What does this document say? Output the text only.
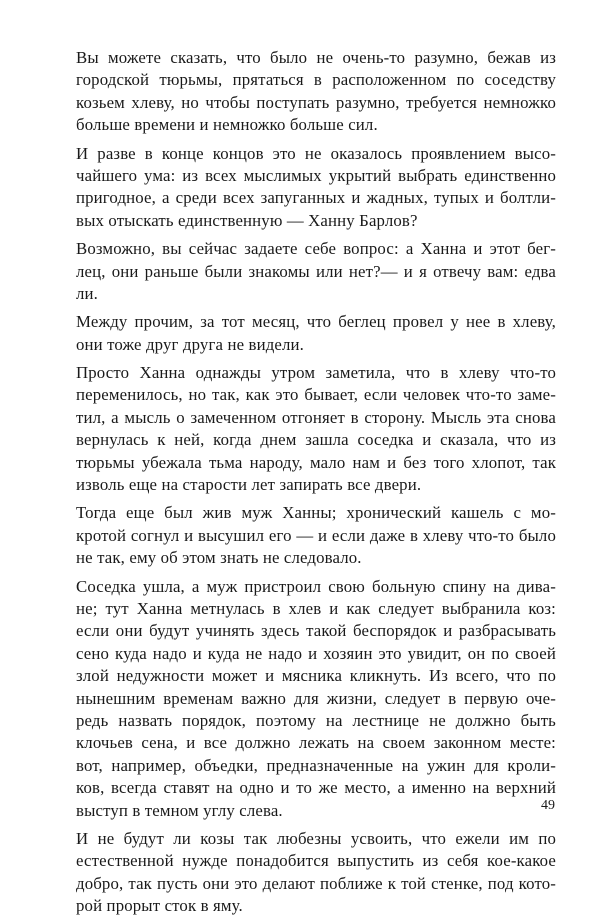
Вы можете сказать, что было не очень-то разумно, бежав из
городской тюрьмы, прятаться в расположенном по соседству
козьем хлеву, но чтобы поступать разумно, требуется немножко
больше времени и немножко больше сил.
И разве в конце концов это не оказалось проявлением высо-
чайшего ума: из всех мыслимых укрытий выбрать единственно
пригодное, а среди всех запуганных и жадных, тупых и болтли-
вых отыскать единственную — Ханну Барлов?
Возможно, вы сейчас задаете себе вопрос: а Ханна и этот бег-
лец, они раньше были знакомы или нет?— и я отвечу вам: едва
ли.
Между прочим, за тот месяц, что беглец провел у нее в хлеву,
они тоже друг друга не видели.
Просто Ханна однажды утром заметила, что в хлеву что-то
переменилось, но так, как это бывает, если человек что-то заме-
тил, а мысль о замеченном отгоняет в сторону. Мысль эта снова
вернулась к ней, когда днем зашла соседка и сказала, что из
тюрьмы убежала тьма народу, мало нам и без того хлопот, так
изволь еще на старости лет запирать все двери.
Тогда еще был жив муж Ханны; хронический кашель с мо-
кротой согнул и высушил его — и если даже в хлеву что-то было
не так, ему об этом знать не следовало.
Соседка ушла, а муж пристроил свою больную спину на дива-
не; тут Ханна метнулась в хлев и как следует выбранила коз:
если они будут учинять здесь такой беспорядок и разбрасывать
сено куда надо и куда не надо и хозяин это увидит, он по своей
злой недужности может и мясника кликнуть. Из всего, что по
нынешним временам важно для жизни, следует в первую оче-
редь назвать порядок, поэтому на лестнице не должно быть
клочьев сена, и все должно лежать на своем законном месте:
вот, например, объедки, предназначенные на ужин для кроли-
ков, всегда ставят на одно и то же место, а именно на верхний
выступ в темном углу слева.
И не будут ли козы так любезны усвоить, что ежели им по
естественной нужде понадобится выпустить из себя кое-какое
добро, так пусть они это делают поближе к той стенке, под кото-
рой прорыт сток в яму.
49
